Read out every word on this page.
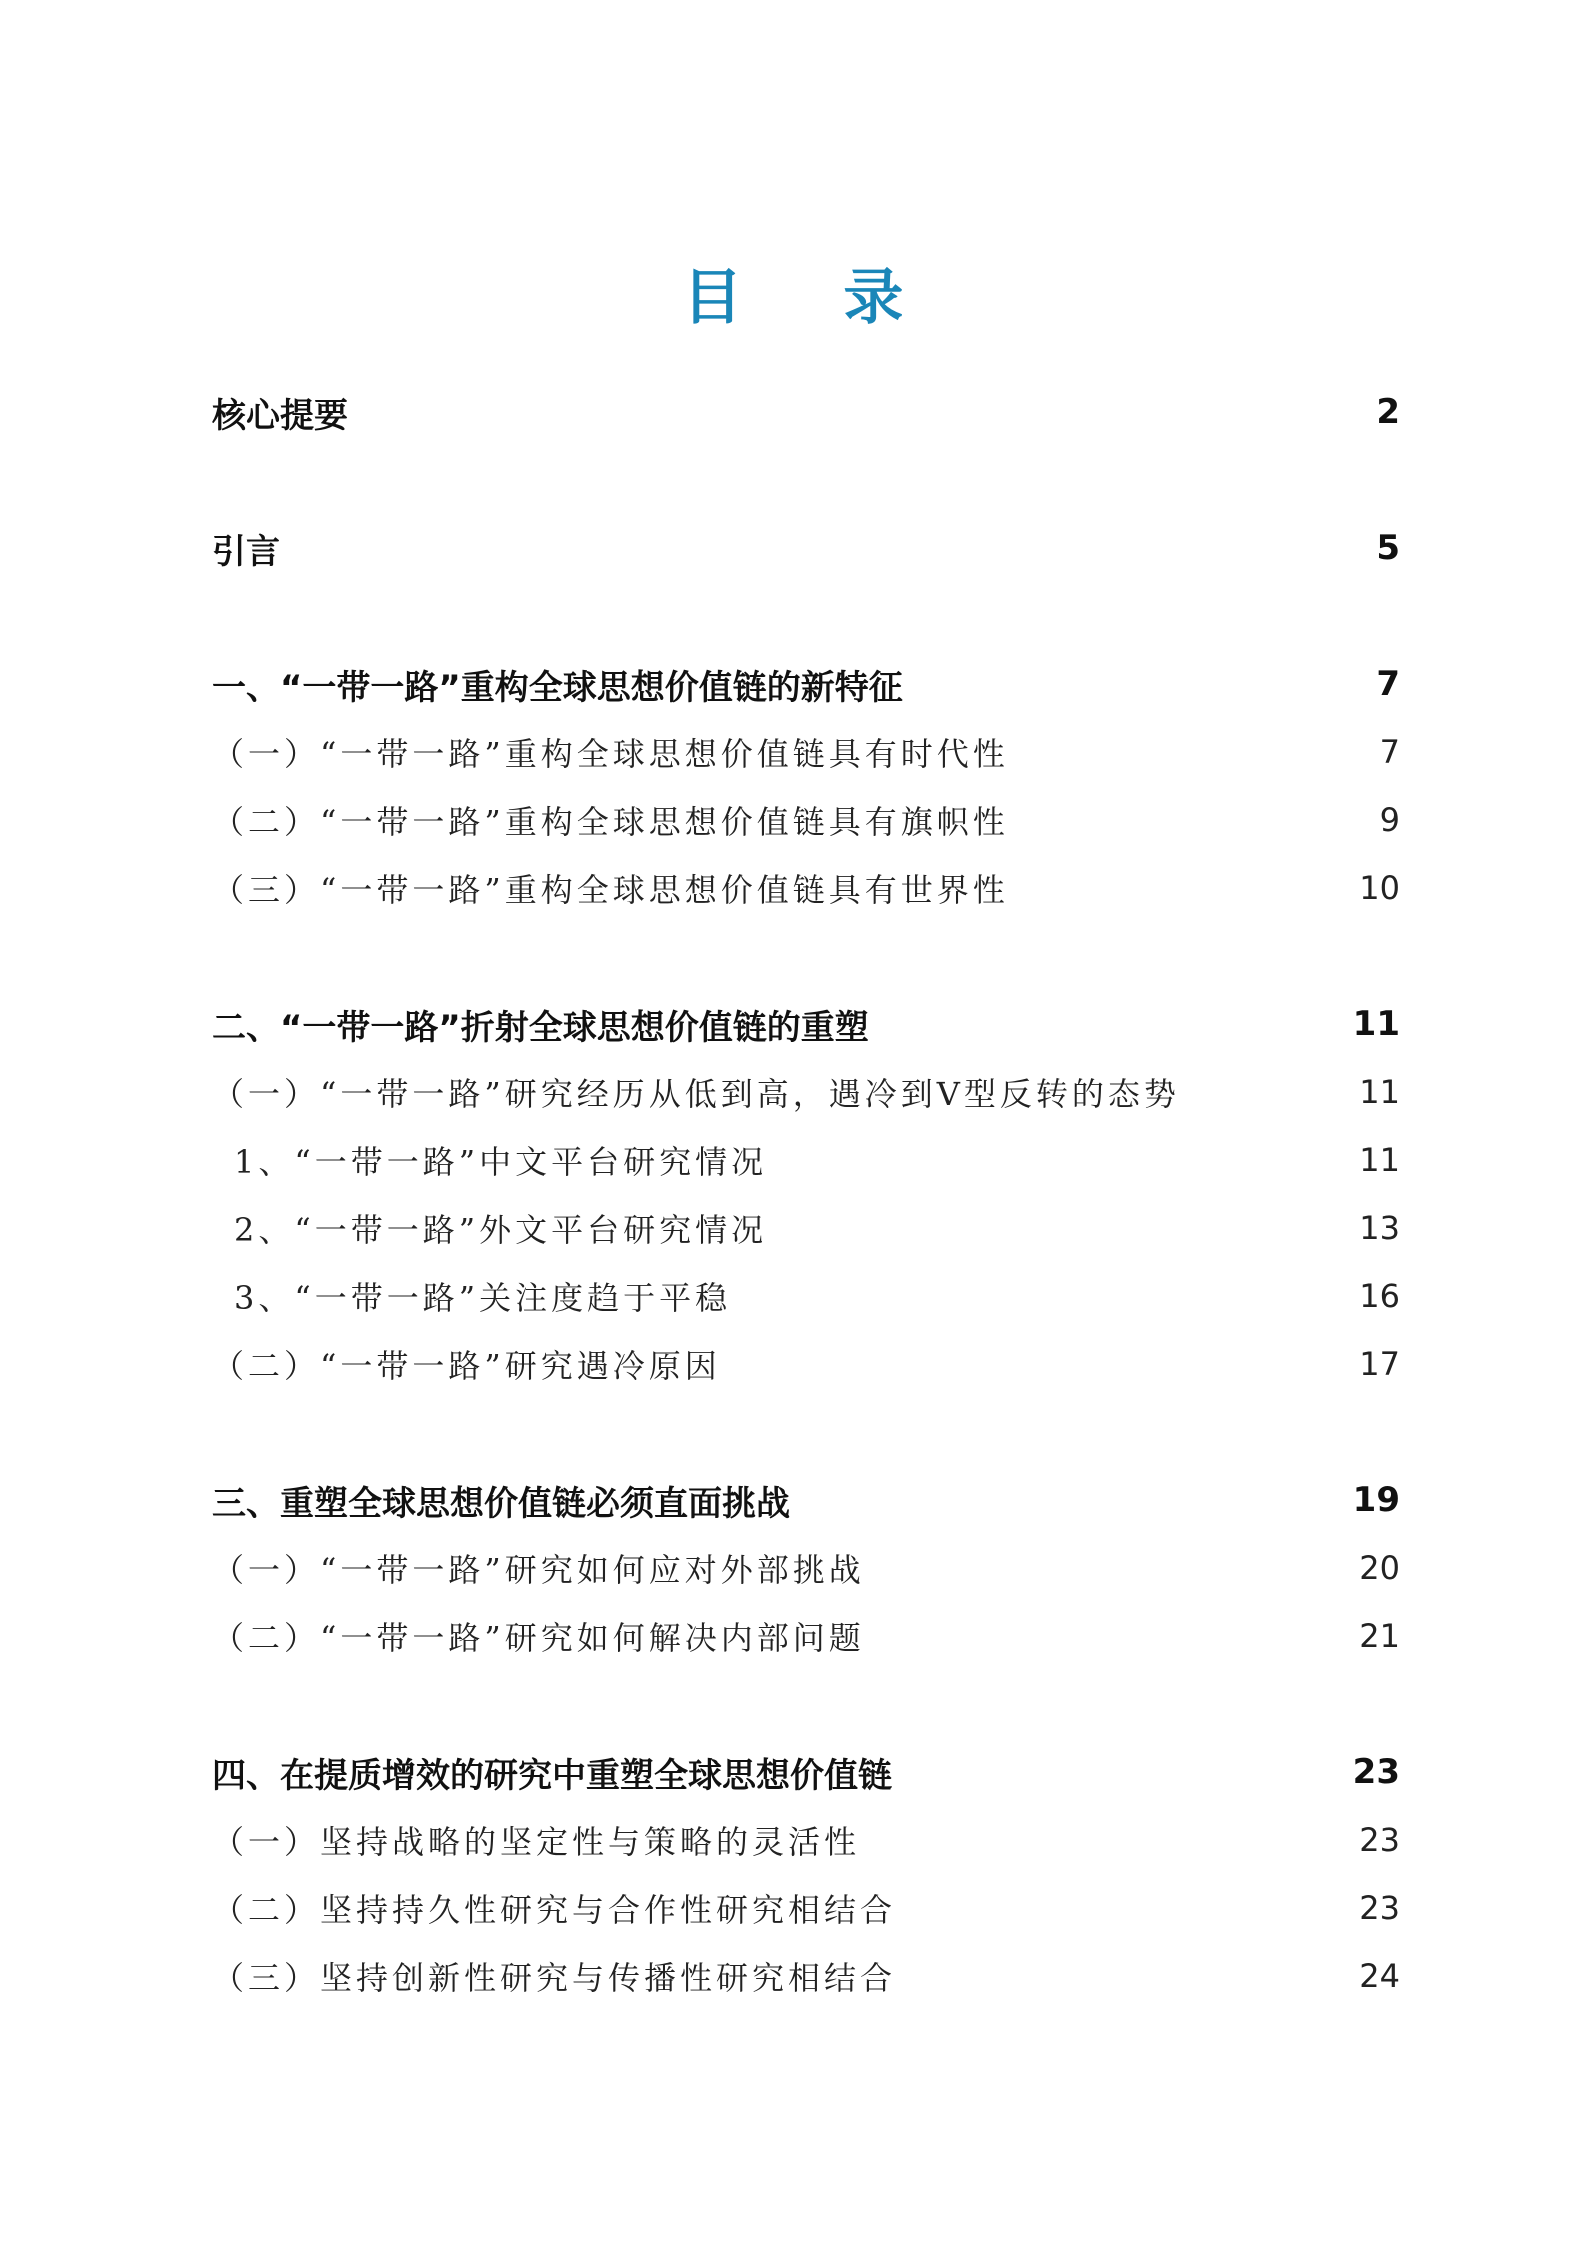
目 录
核心提要	2
引言	5
一、“一带一路”重构全球思想价值链的新特征	7
（一）“一带一路”重构全球思想价值链具有时代性	7
（二）“一带一路”重构全球思想价值链具有旗帜性	9
（三）“一带一路”重构全球思想价值链具有世界性	10
二、“一带一路”折射全球思想价值链的重塑	11
（一）“一带一路”研究经历从低到高，遇冷到V型反转的态势	11
1、“一带一路”中文平台研究情况	11
2、“一带一路”外文平台研究情况	13
3、“一带一路”关注度趋于平稳	16
（二）“一带一路”研究遇冷原因	17
三、重塑全球思想价值链必须直面挑战	19
（一）“一带一路”研究如何应对外部挑战	20
（二）“一带一路”研究如何解决内部问题	21
四、在提质增效的研究中重塑全球思想价值链	23
（一）坚持战略的坚定性与策略的灵活性	23
（二）坚持持久性研究与合作性研究相结合	23
（三）坚持创新性研究与传播性研究相结合	24
